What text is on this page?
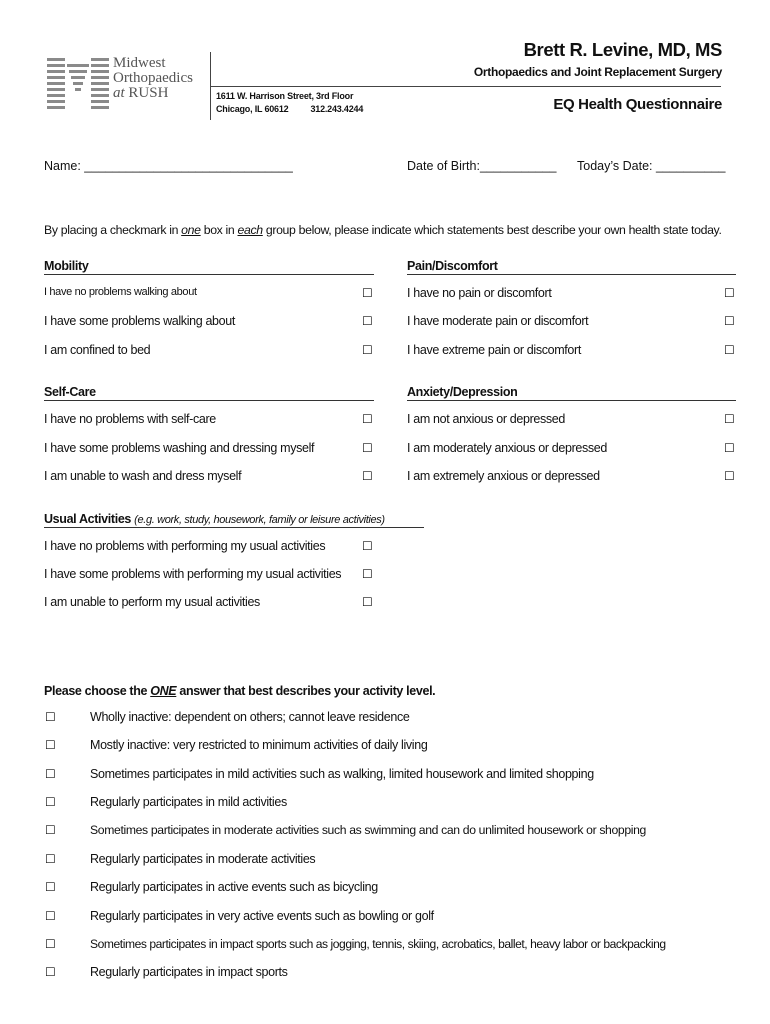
Midwest
Orthopaedics
at RUSH	1611 W. Harrison Street, 3rd Floor
Chicago, IL 60612 312.243.4244
Brett R. Levine, MD, MS
Orthopaedics and Joint Replacement Surgery
EQ Health Questionnaire
Name: ______________________________	Date of Birth:___________ Today’s Date: __________
By placing a checkmark in one box in each group below, please indicate which statements best describe your own health state today.
Mobility
I have no problems walking about	☐
I have some problems walking about	☐
I am confined to bed	☐
Pain/Discomfort
I have no pain or discomfort	☐
I have moderate pain or discomfort	☐
I have extreme pain or discomfort	☐
Self-Care
I have no problems with self-care	☐
I have some problems washing and dressing myself	☐
I am unable to wash and dress myself	☐
Anxiety/Depression
I am not anxious or depressed	☐
I am moderately anxious or depressed	☐
I am extremely anxious or depressed	☐
Usual Activities (e.g. work, study, housework, family or leisure activities)
I have no problems with performing my usual activities	☐
I have some problems with performing my usual activities ☐
I am unable to perform my usual activities	☐
Please choose the ONE answer that best describes your activity level.
☐	Wholly inactive: dependent on others; cannot leave residence
☐	Mostly inactive: very restricted to minimum activities of daily living
☐	Sometimes participates in mild activities such as walking, limited housework and limited shopping
☐	Regularly participates in mild activities
☐	Sometimes participates in moderate activities such as swimming and can do unlimited housework or shopping
☐	Regularly participates in moderate activities
☐	Regularly participates in active events such as bicycling
☐	Regularly participates in very active events such as bowling or golf
☐	Sometimes participates in impact sports such as jogging, tennis, skiing, acrobatics, ballet, heavy labor or backpacking
☐	Regularly participates in impact sports
